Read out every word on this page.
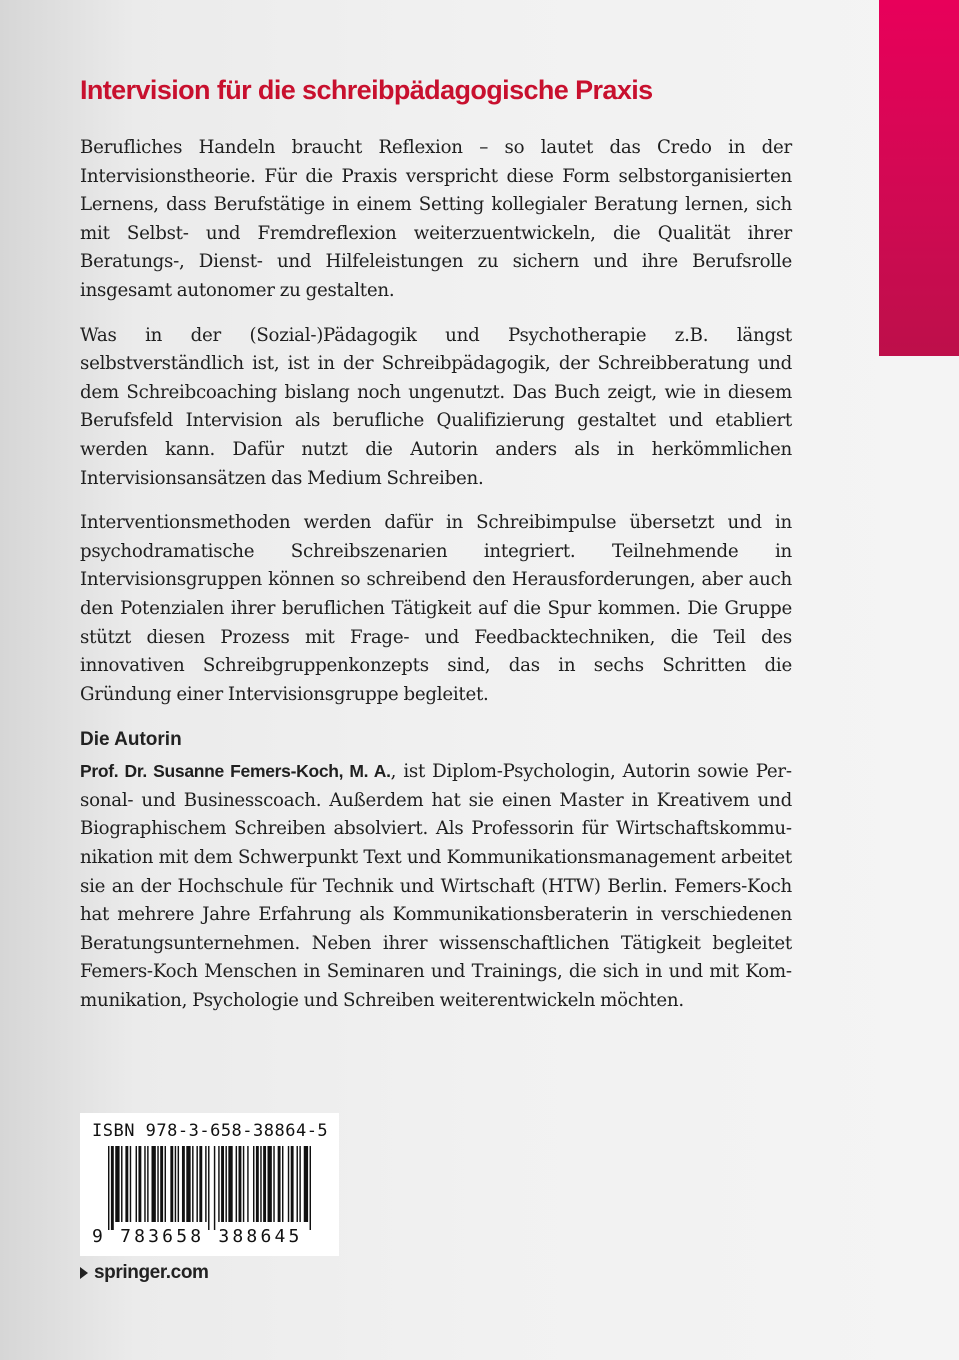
Intervision für die schreibpädagogische Praxis

Berufliches Handeln braucht Reflexion – so lautet das Credo in der Intervisionstheorie. Für die Praxis verspricht diese Form selbstorganisierten Lernens, dass Berufstätige in einem Setting kollegialer Beratung lernen, sich mit Selbst- und Fremdreflexion weiterzuentwickeln, die Qualität ihrer Beratungs-, Dienst- und Hilfeleistungen zu sichern und ihre Berufsrolle insgesamt autonomer zu gestalten.

Was in der (Sozial-)Pädagogik und Psychotherapie z.B. längst selbstverständlich ist, ist in der Schreibpädagogik, der Schreibberatung und dem Schreibcoaching bislang noch ungenutzt. Das Buch zeigt, wie in diesem Berufsfeld Intervision als berufliche Qualifizierung gestaltet und etabliert werden kann. Dafür nutzt die Autorin anders als in herkömmlichen Intervisionsansätzen das Medium Schreiben.

Interventionsmethoden werden dafür in Schreibimpulse übersetzt und in psychodramatische Schreibszenarien integriert. Teilnehmende in Intervisionsgruppen können so schreibend den Herausforderungen, aber auch den Potenzialen ihrer beruflichen Tätigkeit auf die Spur kommen. Die Gruppe stützt diesen Prozess mit Frage- und Feedbacktechniken, die Teil des innovativen Schreibgruppenkonzepts sind, das in sechs Schritten die Gründung einer Intervisionsgruppe begleitet.

Die Autorin

Prof. Dr. Susanne Femers-Koch, M. A., ist Diplom-Psychologin, Autorin sowie Personal- und Businesscoach. Außerdem hat sie einen Master in Kreativem und Biographischem Schreiben absolviert. Als Professorin für Wirtschaftskommunikation mit dem Schwerpunkt Text und Kommunikationsmanagement arbeitet sie an der Hochschule für Technik und Wirtschaft (HTW) Berlin. Femers-Koch hat mehrere Jahre Erfahrung als Kommunikationsberaterin in verschiedenen Beratungsunternehmen. Neben ihrer wissenschaftlichen Tätigkeit begleitet Femers-Koch Menschen in Seminaren und Trainings, die sich in und mit Kommunikation, Psychologie und Schreiben weiterentwickeln möchten.

ISBN 978-3-658-38864-5
9 783658 388645
springer.com
